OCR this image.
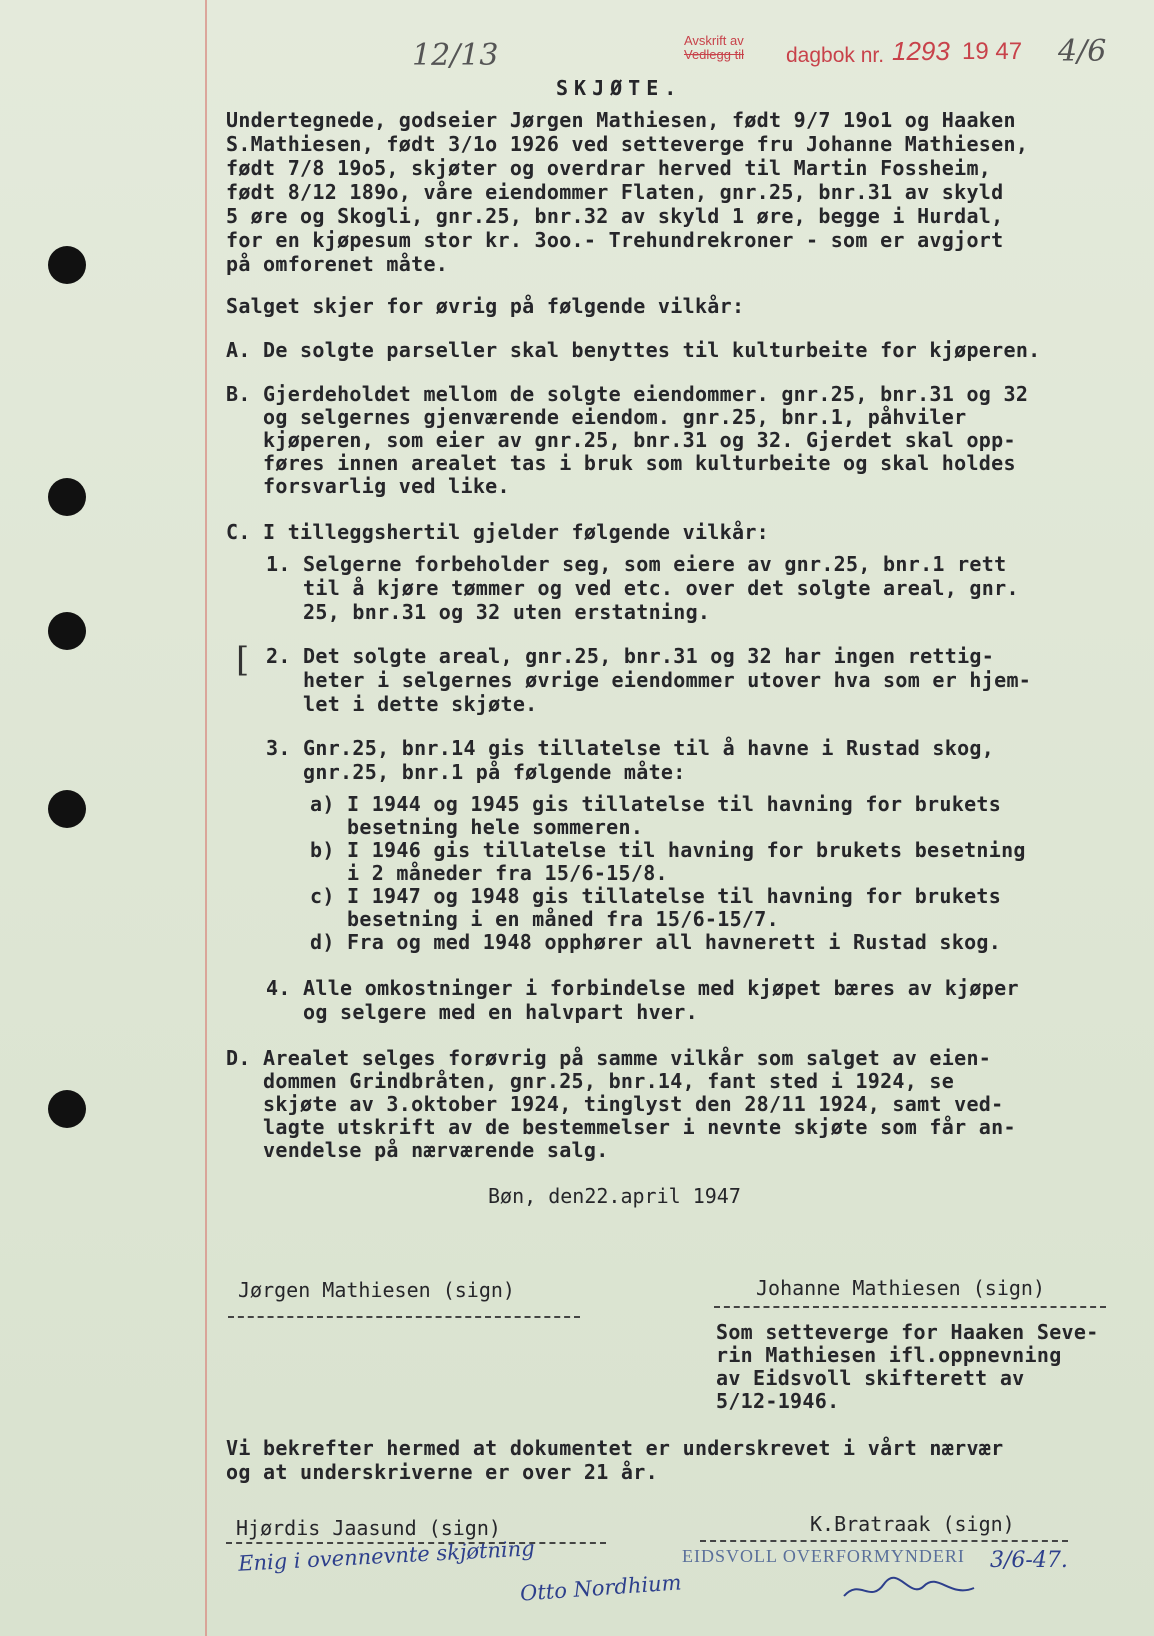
12/13	Avskrift av
Vedlegg til dagbok nr. 1293 19 47 4/6
SKJØTE.
Undertegnede, godseier Jørgen Mathiesen, født 9/7 19o1 og Haaken
S.Mathiesen, født 3/1o 1926 ved setteverge fru Johanne Mathiesen,
født 7/8 19o5, skjøter og overdrar herved til Martin Fossheim,
født 8/12 189o, våre eiendommer Flaten, gnr.25, bnr.31 av skyld
5 øre og Skogli, gnr.25, bnr.32 av skyld 1 øre, begge i Hurdal,
for en kjøpesum stor kr. 3oo.- Trehundrekroner - som er avgjort
på omforenet måte.
Salget skjer for øvrig på følgende vilkår:
A. De solgte parseller skal benyttes til kulturbeite for kjøperen.
B. Gjerdeholdet mellom de solgte eiendommer. gnr.25, bnr.31 og 32
og selgernes gjenværende eiendom. gnr.25, bnr.1, påhviler
kjøperen, som eier av gnr.25, bnr.31 og 32. Gjerdet skal opp-
føres innen arealet tas i bruk som kulturbeite og skal holdes
forsvarlig ved like.
C. I tilleggshertil gjelder følgende vilkår:
1. Selgerne forbeholder seg, som eiere av gnr.25, bnr.1 rett
til å kjøre tømmer og ved etc. over det solgte areal, gnr.
25, bnr.31 og 32 uten erstatning.
[ 2. Det solgte areal, gnr.25, bnr.31 og 32 har ingen rettig-
heter i selgernes øvrige eiendommer utover hva som er hjem-
let i dette skjøte.
3. Gnr.25, bnr.14 gis tillatelse til å havne i Rustad skog,
gnr.25, bnr.1 på følgende måte:
a) I 1944 og 1945 gis tillatelse til havning for brukets
besetning hele sommeren.
b) I 1946 gis tillatelse til havning for brukets besetning
i 2 måneder fra 15/6-15/8.
c) I 1947 og 1948 gis tillatelse til havning for brukets
besetning i en måned fra 15/6-15/7.
d) Fra og med 1948 opphører all havnerett i Rustad skog.
4. Alle omkostninger i forbindelse med kjøpet bæres av kjøper
og selgere med en halvpart hver.
D. Arealet selges forøvrig på samme vilkår som salget av eien-
dommen Grindbråten, gnr.25, bnr.14, fant sted i 1924, se
skjøte av 3.oktober 1924, tinglyst den 28/11 1924, samt ved-
lagte utskrift av de bestemmelser i nevnte skjøte som får an-
vendelse på nærværende salg.
Bøn, den22.april 1947
Jørgen Mathiesen (sign)	Johanne Mathiesen (sign)
Som setteverge for Haaken Seve-
rin Mathiesen ifl.oppnevning
av Eidsvoll skifterett av
5/12-1946.
Vi bekrefter hermed at dokumentet er underskrevet i vårt nærvær
og at underskriverne er over 21 år.
Hjørdis Jaasund (sign)	K.Bratraak (sign)
Enig i ovennevnte skjøtning
Otto Nordhium
EIDSVOLL OVERFORMYNDERI 3/6-47.
